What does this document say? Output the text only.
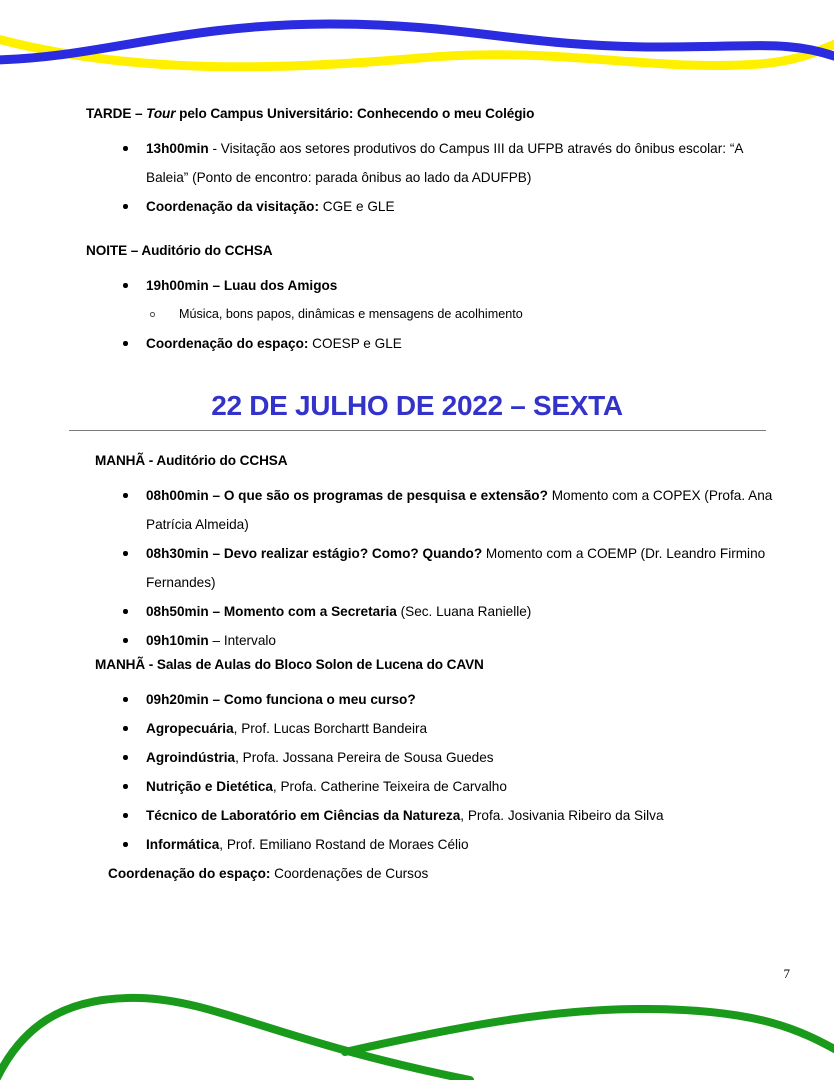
TARDE – Tour pelo Campus Universitário: Conhecendo o meu Colégio

13h00min - Visitação aos setores produtivos do Campus III da UFPB através do ônibus escolar: “A Baleia” (Ponto de encontro: parada ônibus ao lado da ADUFPB)
Coordenação da visitação: CGE e GLE

NOITE – Auditório do CCHSA

19h00min – Luau dos Amigos
Música, bons papos, dinâmicas e mensagens de acolhimento
Coordenação do espaço: COESP e GLE
22 DE JULHO DE 2022 – SEXTA

MANHÃ - Auditório do CCHSA

08h00min – O que são os programas de pesquisa e extensão? Momento com a COPEX (Profa. Ana Patrícia Almeida)
08h30min – Devo realizar estágio? Como? Quando? Momento com a COEMP (Dr. Leandro Firmino Fernandes)
08h50min – Momento com a Secretaria (Sec. Luana Ranielle)
09h10min – Intervalo

MANHÃ - Salas de Aulas do Bloco Solon de Lucena do CAVN

09h20min – Como funciona o meu curso?
Agropecuária, Prof. Lucas Borchartt Bandeira
Agroindústria, Profa. Jossana Pereira de Sousa Guedes
Nutrição e Dietética, Profa. Catherine Teixeira de Carvalho
Técnico de Laboratório em Ciências da Natureza, Profa. Josivania Ribeiro da Silva
Informática, Prof. Emiliano Rostand de Moraes Célio

Coordenação do espaço: Coordenações de Cursos

7
